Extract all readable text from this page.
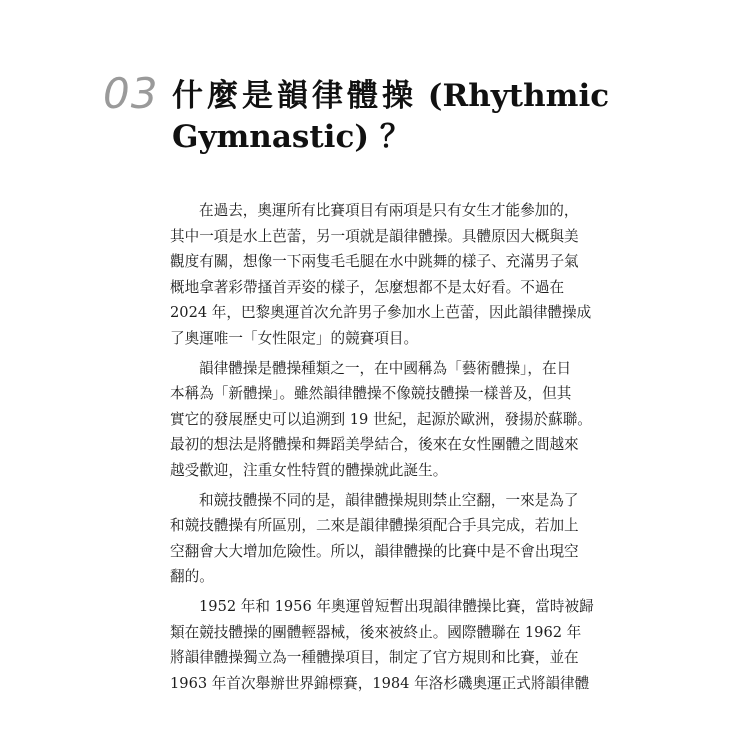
03 什麼是韻律體操 (Rhythmic
Gymnastic) ？

在過去，奧運所有比賽項目有兩項是只有女生才能參加的，
其中一項是水上芭蕾，另一項就是韻律體操。具體原因大概與美
觀度有關，想像一下兩隻毛毛腿在水中跳舞的樣子、充滿男子氣
概地拿著彩帶搔首弄姿的樣子，怎麼想都不是太好看。不過在
2024 年，巴黎奧運首次允許男子參加水上芭蕾，因此韻律體操成
了奧運唯一「女性限定」的競賽項目。

韻律體操是體操種類之一，在中國稱為「藝術體操」，在日
本稱為「新體操」。雖然韻律體操不像競技體操一樣普及，但其
實它的發展歷史可以追溯到 19 世紀，起源於歐洲，發揚於蘇聯。
最初的想法是將體操和舞蹈美學結合，後來在女性團體之間越來
越受歡迎，注重女性特質的體操就此誕生。

和競技體操不同的是，韻律體操規則禁止空翻，一來是為了
和競技體操有所區別，二來是韻律體操須配合手具完成，若加上
空翻會大大增加危險性。所以，韻律體操的比賽中是不會出現空
翻的。

1952 年和 1956 年奧運曾短暫出現韻律體操比賽，當時被歸
類在競技體操的團體輕器械，後來被終止。國際體聯在 1962 年
將韻律體操獨立為一種體操項目，制定了官方規則和比賽，並在
1963 年首次舉辦世界錦標賽，1984 年洛杉磯奧運正式將韻律體
